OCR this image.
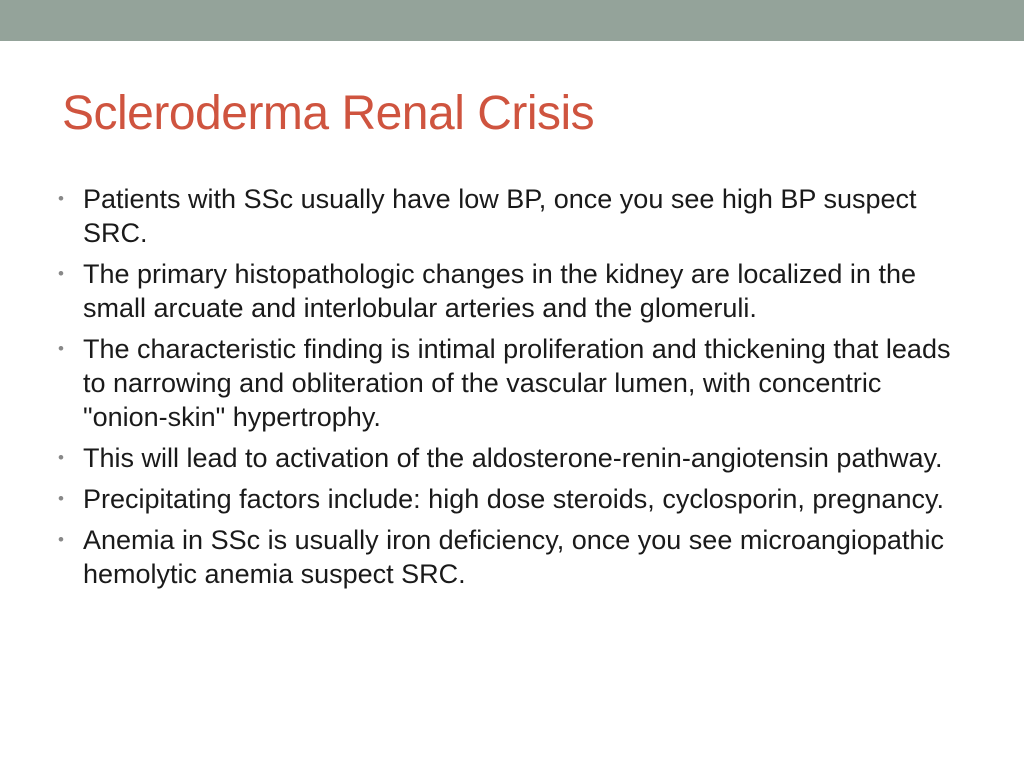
Scleroderma Renal Crisis
• Patients with SSc usually have low BP, once you see high BP suspect SRC.
• The primary histopathologic changes in the kidney are localized in the small arcuate and interlobular arteries and the glomeruli.
• The characteristic finding is intimal proliferation and thickening that leads to narrowing and obliteration of the vascular lumen, with concentric "onion-skin" hypertrophy.
• This will lead to activation of the aldosterone-renin-angiotensin pathway.
• Precipitating factors include: high dose steroids, cyclosporin, pregnancy.
• Anemia in SSc is usually iron deficiency, once you see microangiopathic hemolytic anemia suspect SRC.
